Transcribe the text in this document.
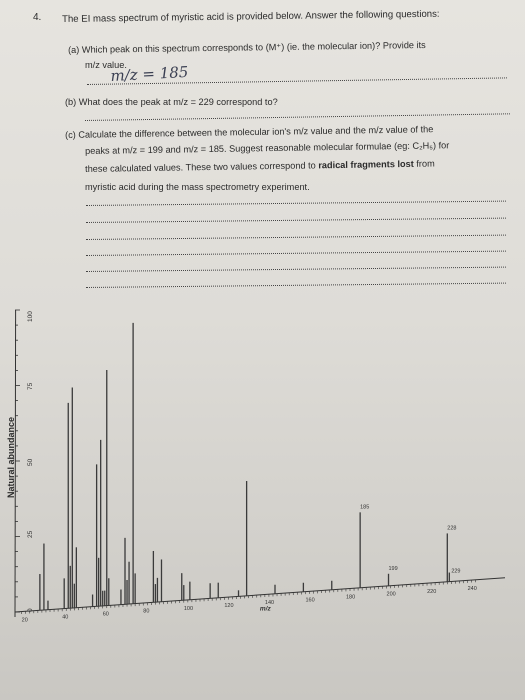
4. The EI mass spectrum of myristic acid is provided below. Answer the following questions:
(a) Which peak on this spectrum corresponds to (M⁺) (ie. the molecular ion)? Provide its
m/z value.
m/z = 185
(b) What does the peak at m/z = 229 correspond to?
(c) Calculate the difference between the molecular ion's m/z value and the m/z value of the
peaks at m/z = 199 and m/z = 185. Suggest reasonable molecular formulae (eg: C₂H₅) for
these calculated values. These two values correspond to radical fragments lost from
myristic acid during the mass spectrometry experiment.
Natural abundance
100
75
50
25
0
20	40	60	80	100	120	140	160	180	200	220	240
m/z
185
228
199	229
